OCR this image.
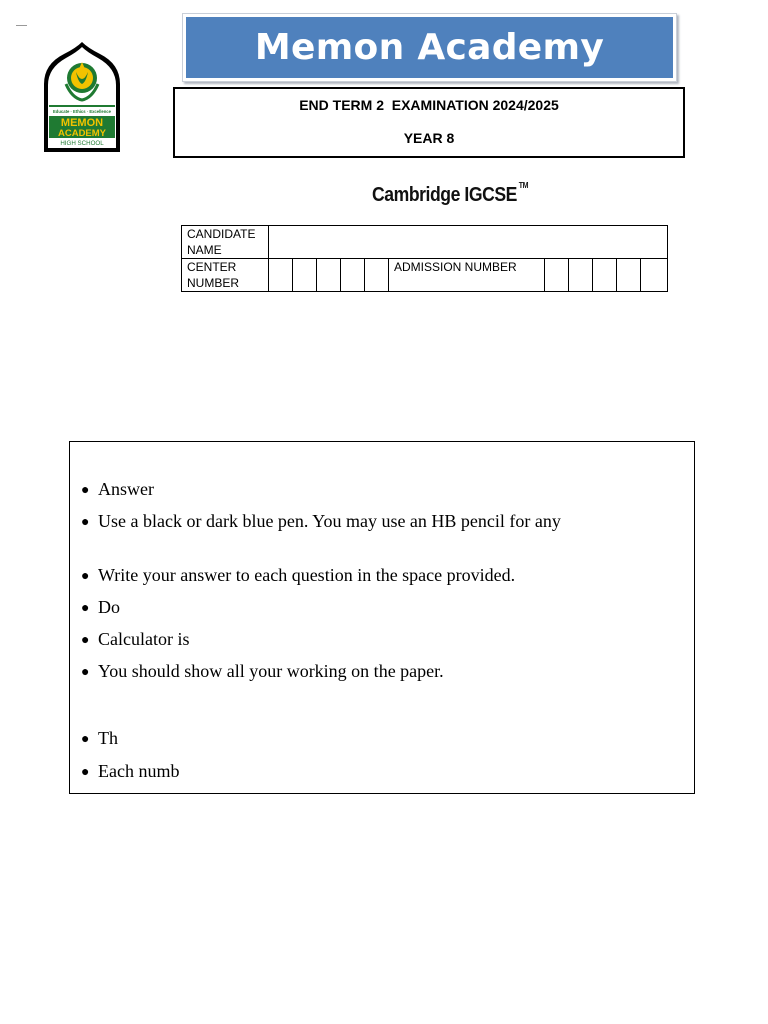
Educate · Ethics · Excellence
MEMON
ACADEMY
HIGH SCHOOL
Memon Academy
END TERM 2  EXAMINATION 2024/2025
YEAR 8
Cambridge IGCSE ™
CANDIDATE NAME											
CENTER NUMBER						ADMISSION NUMBER					
● Answer
● Use a black or dark blue pen. You may use an HB pencil for any
● Write your answer to each question in the space provided.
● Do
● Calculator is
● You should show all your working on the paper.
● Th
● Each numb
